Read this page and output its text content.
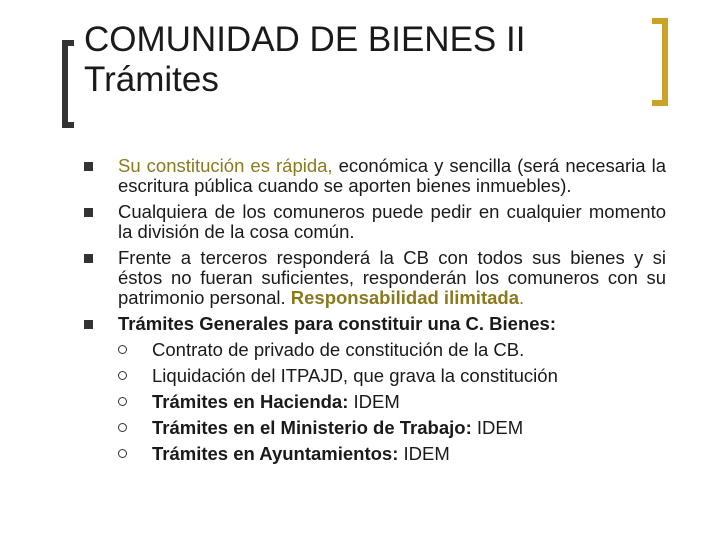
COMUNIDAD DE BIENES II
Trámites
Su constitución es rápida, económica y sencilla (será necesaria la escritura pública cuando se aporten bienes inmuebles).
Cualquiera de los comuneros puede pedir en cualquier momento la división de la cosa común.
Frente a terceros responderá la CB con todos sus bienes y si éstos no fueran suficientes, responderán los comuneros con su patrimonio personal. Responsabilidad ilimitada.
Trámites Generales para constituir una C. Bienes:
Contrato de privado de constitución de la CB.
Liquidación del ITPAJD, que grava la constitución
Trámites en Hacienda: IDEM
Trámites en el Ministerio de Trabajo: IDEM
Trámites en Ayuntamientos: IDEM
